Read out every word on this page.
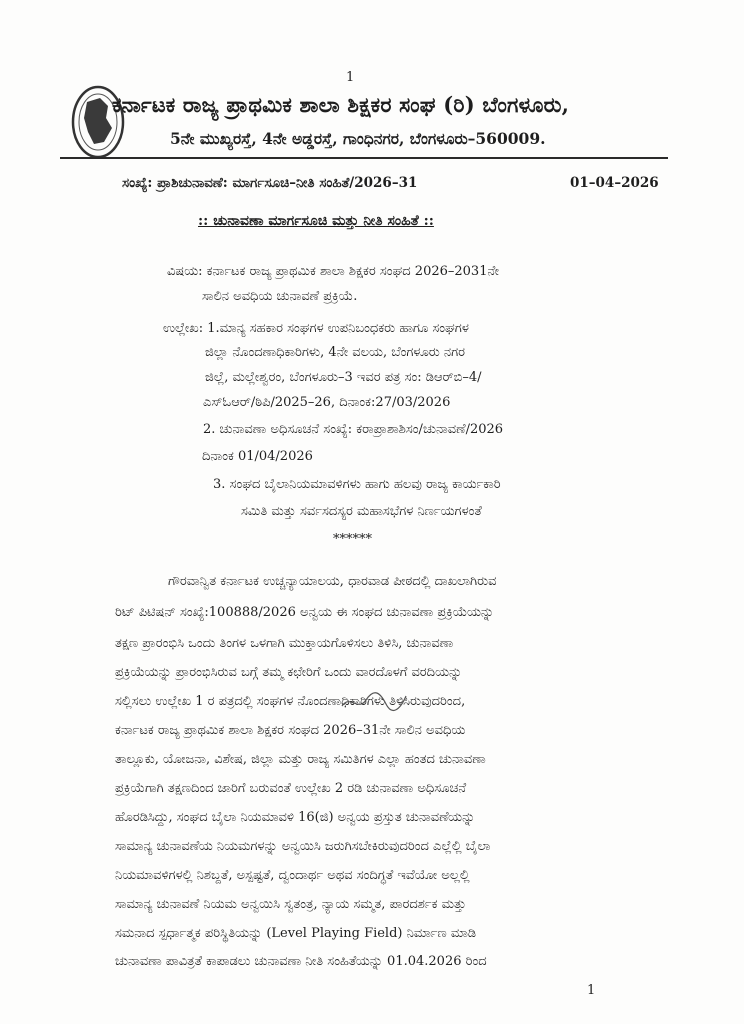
1
ಕರ್ನಾಟಕ ರಾಜ್ಯ ಪ್ರಾಥಮಿಕ ಶಾಲಾ ಶಿಕ್ಷಕರ ಸಂಘ (ರಿ) ಬೆಂಗಳೂರು,
5ನೇ ಮುಖ್ಯರಸ್ತೆ, 4ನೇ ಅಡ್ಡರಸ್ತೆ, ಗಾಂಧಿನಗರ, ಬೆಂಗಳೂರು–560009.
ಸಂಖ್ಯೆ: ಪ್ರಾಶಿಚುನಾವಣೆ: ಮಾರ್ಗಸೂಚಿ–ನೀತಿ ಸಂಹಿತೆ/2026–31	01–04–2026
:: ಚುನಾವಣಾ ಮಾರ್ಗಸೂಚಿ ಮತ್ತು ನೀತಿ ಸಂಹಿತೆ ::
ವಿಷಯ: ಕರ್ನಾಟಕ ರಾಜ್ಯ ಪ್ರಾಥಮಿಕ ಶಾಲಾ ಶಿಕ್ಷಕರ ಸಂಘದ 2026–2031ನೇ
ಸಾಲಿನ ಅವಧಿಯ ಚುನಾವಣೆ ಪ್ರಕ್ರಿಯೆ.
ಉಲ್ಲೇಖ: 1.ಮಾನ್ಯ ಸಹಕಾರ ಸಂಘಗಳ ಉಪನಿಬಂಧಕರು ಹಾಗೂ ಸಂಘಗಳ
ಜಿಲ್ಲಾ ನೊಂದಣಾಧಿಕಾರಿಗಳು, 4ನೇ ವಲಯ, ಬೆಂಗಳೂರು ನಗರ
ಜಿಲ್ಲೆ, ಮಲ್ಲೇಶ್ವರಂ, ಬೆಂಗಳೂರು–3 ಇವರ ಪತ್ರ ಸಂ: ಡಿಆರ್‌ಬಿ–4/
ಎಸ್‌ಓಆರ್/ಠಿಪಿ/2025–26, ದಿನಾಂಕ:27/03/2026
2. ಚುನಾವಣಾ ಅಧಿಸೂಚನೆ ಸಂಖ್ಯೆ: ಕರಾಪ್ರಾಶಾಶಿಸಂ/ಚುನಾವಣೆ/2026
ದಿನಾಂಕ 01/04/2026
3. ಸಂಘದ ಬೈಲಾನಿಯಮಾವಳಿಗಳು ಹಾಗು ಹಲವು ರಾಜ್ಯ ಕಾರ್ಯಕಾರಿ
ಸಮಿತಿ ಮತ್ತು ಸರ್ವಸದಸ್ಯರ ಮಹಾಸಭೆಗಳ ನಿರ್ಣಯಗಳಂತೆ
******
ಗೌರವಾನ್ವಿತ ಕರ್ನಾಟಕ ಉಚ್ಚನ್ಯಾಯಾಲಯ, ಧಾರವಾಡ ಪೀಠದಲ್ಲಿ ದಾಖಲಾಗಿರುವ
ರಿಟ್ ಪಿಟಿಷನ್ ಸಂಖ್ಯೆ:100888/2026 ಅನ್ವಯ ಈ ಸಂಘದ ಚುನಾವಣಾ ಪ್ರಕ್ರಿಯೆಯನ್ನು
ತಕ್ಷಣ ಪ್ರಾರಂಭಿಸಿ ಒಂದು ತಿಂಗಳ ಒಳಗಾಗಿ ಮುಕ್ತಾಯಗೊಳಿಸಲು ತಿಳಿಸಿ, ಚುನಾವಣಾ
ಪ್ರಕ್ರಿಯೆಯನ್ನು ಪ್ರಾರಂಭಿಸಿರುವ ಬಗ್ಗೆ ತಮ್ಮ ಕಛೇರಿಗೆ ಒಂದು ವಾರದೊಳಗೆ ವರದಿಯನ್ನು
ಸಲ್ಲಿಸಲು ಉಲ್ಲೇಖ 1 ರ ಪತ್ರದಲ್ಲಿ ಸಂಘಗಳ ನೊಂದಣಾಧಿಕಾರಿಗಳು ತಿಳಿಸಿರುವುದರಿಂದ,
ಕರ್ನಾಟಕ ರಾಜ್ಯ ಪ್ರಾಥಮಿಕ ಶಾಲಾ ಶಿಕ್ಷಕರ ಸಂಘದ 2026–31ನೇ ಸಾಲಿನ ಅವಧಿಯ
ತಾಲ್ಲೂಕು, ಯೋಜನಾ, ವಿಶೇಷ, ಜಿಲ್ಲಾ ಮತ್ತು ರಾಜ್ಯ ಸಮಿತಿಗಳ ಎಲ್ಲಾ ಹಂತದ ಚುನಾವಣಾ
ಪ್ರಕ್ರಿಯೆಗಾಗಿ ತಕ್ಷಣದಿಂದ ಜಾರಿಗೆ ಬರುವಂತೆ ಉಲ್ಲೇಖ 2 ರಡಿ ಚುನಾವಣಾ ಅಧಿಸೂಚನೆ
ಹೊರಡಿಸಿದ್ದು, ಸಂಘದ ಬೈಲಾ ನಿಯಮಾವಳಿ 16(ಜಿ) ಅನ್ವಯ ಪ್ರಸ್ತುತ ಚುನಾವಣೆಯನ್ನು
ಸಾಮಾನ್ಯ ಚುನಾವಣೆಯ ನಿಯಮಗಳನ್ನು ಅನ್ವಯಿಸಿ ಜರುಗಿಸಬೇಕಿರುವುದರಿಂದ ಎಲ್ಲೆಲ್ಲಿ ಬೈಲಾ
ನಿಯಮಾವಳಿಗಳಲ್ಲಿ ನಿಶಬ್ದತೆ, ಅಸ್ಪಷ್ಟತೆ, ದ್ವಂದಾರ್ಥ ಅಥವ ಸಂದಿಗ್ಧತೆ ಇವೆಯೋ ಅಲ್ಲಲ್ಲಿ
ಸಾಮಾನ್ಯ ಚುನಾವಣೆ ನಿಯಮ ಅನ್ವಯಿಸಿ ಸ್ವತಂತ್ರ, ನ್ಯಾಯ ಸಮ್ಮತ, ಪಾರದರ್ಶಕ ಮತ್ತು
ಸಮನಾದ ಸ್ಪರ್ಧಾತ್ಮಕ ಪರಿಸ್ಥಿತಿಯನ್ನು (Level Playing Field) ನಿರ್ಮಾಣ ಮಾಡಿ
ಚುನಾವಣಾ ಪಾವಿತ್ರತೆ ಕಾಪಾಡಲು ಚುನಾವಣಾ ನೀತಿ ಸಂಹಿತೆಯನ್ನು 01.04.2026 ರಿಂದ
1
